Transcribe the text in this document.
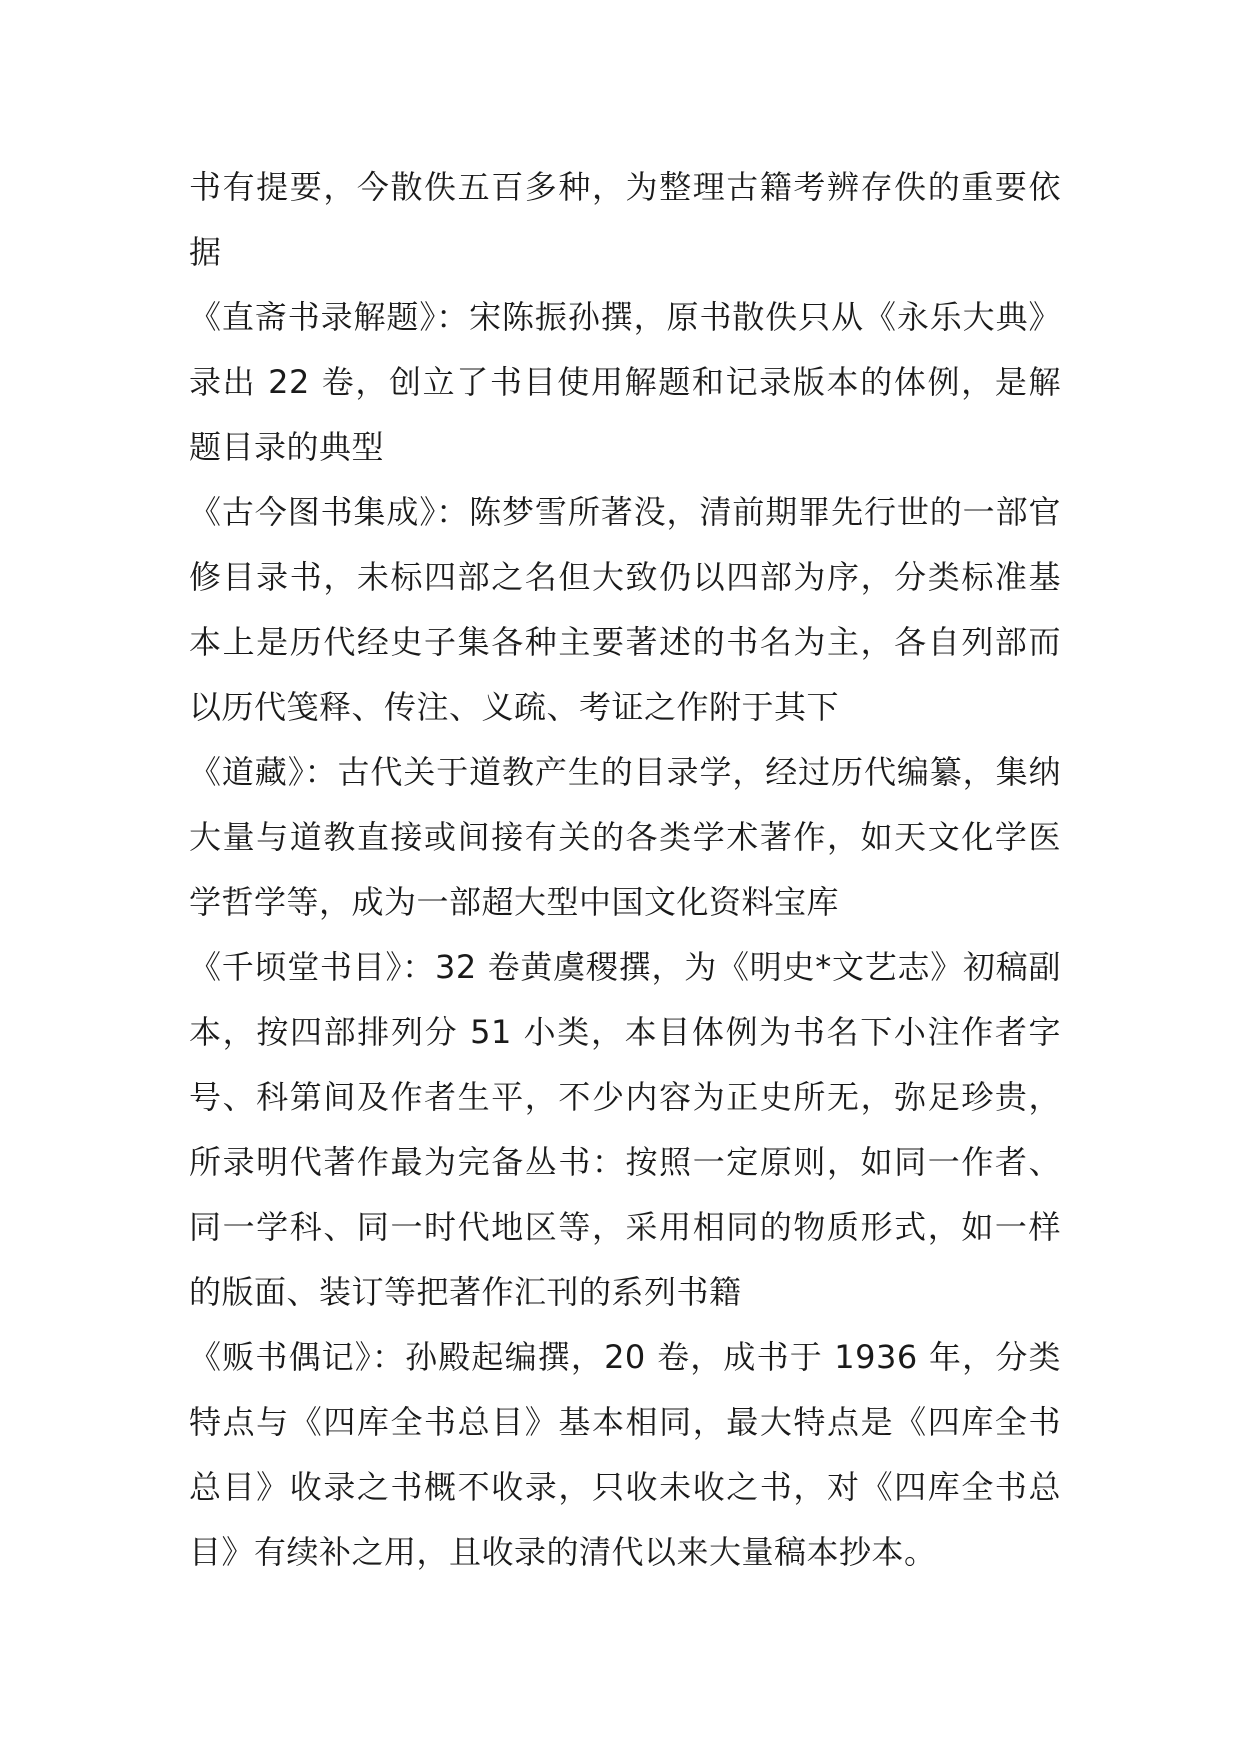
书有提要，今散佚五百多种，为整理古籍考辨存佚的重要依据

《直斋书录解题》：宋陈振孙撰，原书散佚只从《永乐大典》录出 22 卷，创立了书目使用解题和记录版本的体例，是解题目录的典型

《古今图书集成》：陈梦雪所著没，清前期罪先行世的一部官修目录书，未标四部之名但大致仍以四部为序，分类标准基本上是历代经史子集各种主要著述的书名为主，各自列部而以历代笺释、传注、义疏、考证之作附于其下

《道藏》：古代关于道教产生的目录学，经过历代编纂，集纳大量与道教直接或间接有关的各类学术著作，如天文化学医学哲学等，成为一部超大型中国文化资料宝库

《千顷堂书目》：32 卷黄虞稷撰，为《明史*文艺志》初稿副本，按四部排列分 51 小类，本目体例为书名下小注作者字号、科第间及作者生平，不少内容为正史所无，弥足珍贵，所录明代著作最为完备丛书：按照一定原则，如同一作者、同一学科、同一时代地区等，采用相同的物质形式，如一样的版面、装订等把著作汇刊的系列书籍

《贩书偶记》：孙殿起编撰，20 卷，成书于 1936 年，分类特点与《四库全书总目》基本相同，最大特点是《四库全书总目》收录之书概不收录，只收未收之书，对《四库全书总目》有续补之用，且收录的清代以来大量稿本抄本。
